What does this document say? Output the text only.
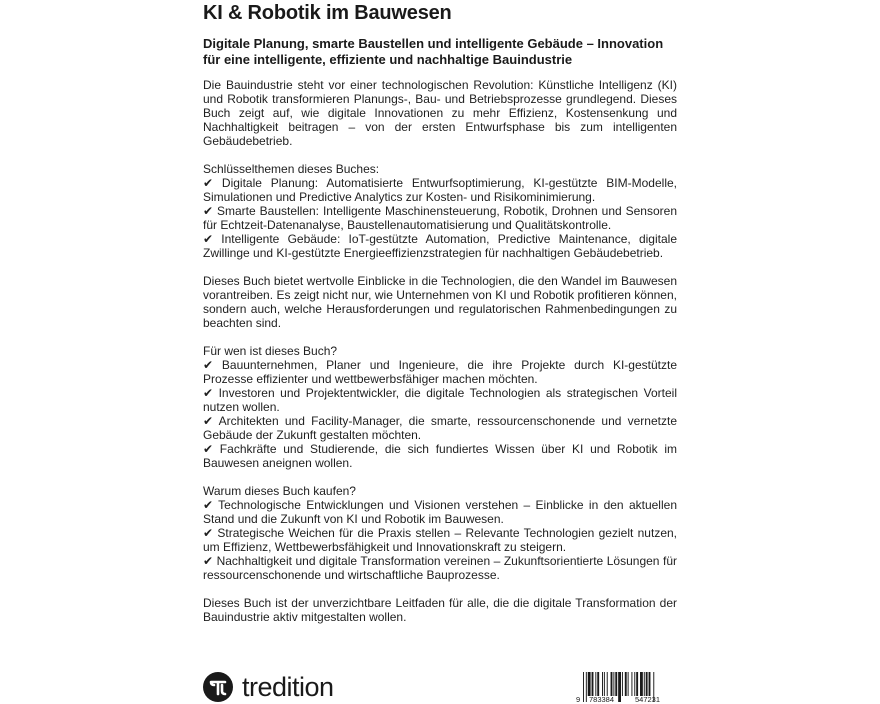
KI & Robotik im Bauwesen
Digitale Planung, smarte Baustellen und intelligente Gebäude – Innovation für eine intelligente, effiziente und nachhaltige Bauindustrie

Die Bauindustrie steht vor einer technologischen Revolution: Künstliche Intelligenz (KI) und Robotik transformieren Planungs-, Bau- und Betriebsprozesse grundlegend. Dieses Buch zeigt auf, wie digitale Innovationen zu mehr Effizienz, Kostensenkung und Nachhaltigkeit beitragen – von der ersten Entwurfsphase bis zum intelligenten Gebäudebetrieb.

Schlüsselthemen dieses Buches:
✔ Digitale Planung: Automatisierte Entwurfsoptimierung, KI-gestützte BIM-Modelle, Simulationen und Predictive Analytics zur Kosten- und Risikominimierung.
✔ Smarte Baustellen: Intelligente Maschinensteuerung, Robotik, Drohnen und Sensoren für Echtzeit-Datenanalyse, Baustellenautomatisierung und Qualitätskontrolle.
✔ Intelligente Gebäude: IoT-gestützte Automation, Predictive Maintenance, digitale Zwillinge und KI-gestützte Energieeffizienzstrategien für nachhaltigen Gebäudebetrieb.

Dieses Buch bietet wertvolle Einblicke in die Technologien, die den Wandel im Bauwesen vorantreiben. Es zeigt nicht nur, wie Unternehmen von KI und Robotik profitieren können, sondern auch, welche Herausforderungen und regulatorischen Rahmenbedingungen zu beachten sind.

Für wen ist dieses Buch?
✔ Bauunternehmen, Planer und Ingenieure, die ihre Projekte durch KI-gestützte Prozesse effizienter und wettbewerbsfähiger machen möchten.
✔ Investoren und Projektentwickler, die digitale Technologien als strategischen Vorteil nutzen wollen.
✔ Architekten und Facility-Manager, die smarte, ressourcenschonende und vernetzte Gebäude der Zukunft gestalten möchten.
✔ Fachkräfte und Studierende, die sich fundiertes Wissen über KI und Robotik im Bauwesen aneignen wollen.
Warum dieses Buch kaufen?
✔ Technologische Entwicklungen und Visionen verstehen – Einblicke in den aktuellen Stand und die Zukunft von KI und Robotik im Bauwesen.
✔ Strategische Weichen für die Praxis stellen – Relevante Technologien gezielt nutzen, um Effizienz, Wettbewerbsfähigkeit und Innovationskraft zu steigern.
✔ Nachhaltigkeit und digitale Transformation vereinen – Zukunftsorientierte Lösungen für ressourcenschonende und wirtschaftliche Bauprozesse.

Dieses Buch ist der unverzichtbare Leitfaden für alle, die die digitale Transformation der Bauindustrie aktiv mitgestalten wollen.

tredition	9 783384	547231
